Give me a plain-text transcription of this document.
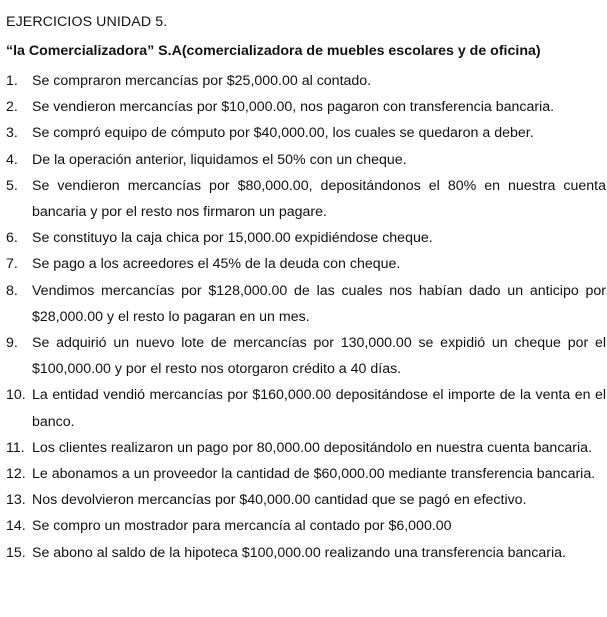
EJERCICIOS UNIDAD 5.
“la Comercializadora” S.A(comercializadora de muebles escolares y de oficina)
1. Se compraron mercancías por $25,000.00 al contado.
2. Se vendieron mercancías por $10,000.00, nos pagaron con transferencia bancaria.
3. Se compró equipo de cómputo por $40,000.00, los cuales se quedaron a deber.
4. De la operación anterior, liquidamos el 50% con un cheque.
5. Se vendieron mercancías por $80,000.00, depositándonos el 80% en nuestra cuenta bancaria y por el resto nos firmaron un pagare.
6. Se constituyo la caja chica por 15,000.00 expidiéndose cheque.
7. Se pago a los acreedores el 45% de la deuda con cheque.
8. Vendimos mercancías por $128,000.00 de las cuales nos habían dado un anticipo por $28,000.00 y el resto lo pagaran en un mes.
9. Se adquirió un nuevo lote de mercancías por 130,000.00 se expidió un cheque por el $100,000.00 y por el resto nos otorgaron crédito a 40 días.
10. La entidad vendió mercancías por $160,000.00 depositándose el importe de la venta en el banco.
11. Los clientes realizaron un pago por 80,000.00 depositándolo en nuestra cuenta bancaria.
12. Le abonamos a un proveedor la cantidad de $60,000.00 mediante transferencia bancaria.
13. Nos devolvieron mercancías por $40,000.00 cantidad que se pagó en efectivo.
14. Se compro un mostrador para mercancía al contado por $6,000.00
15. Se abono al saldo de la hipoteca $100,000.00 realizando una transferencia bancaria.
